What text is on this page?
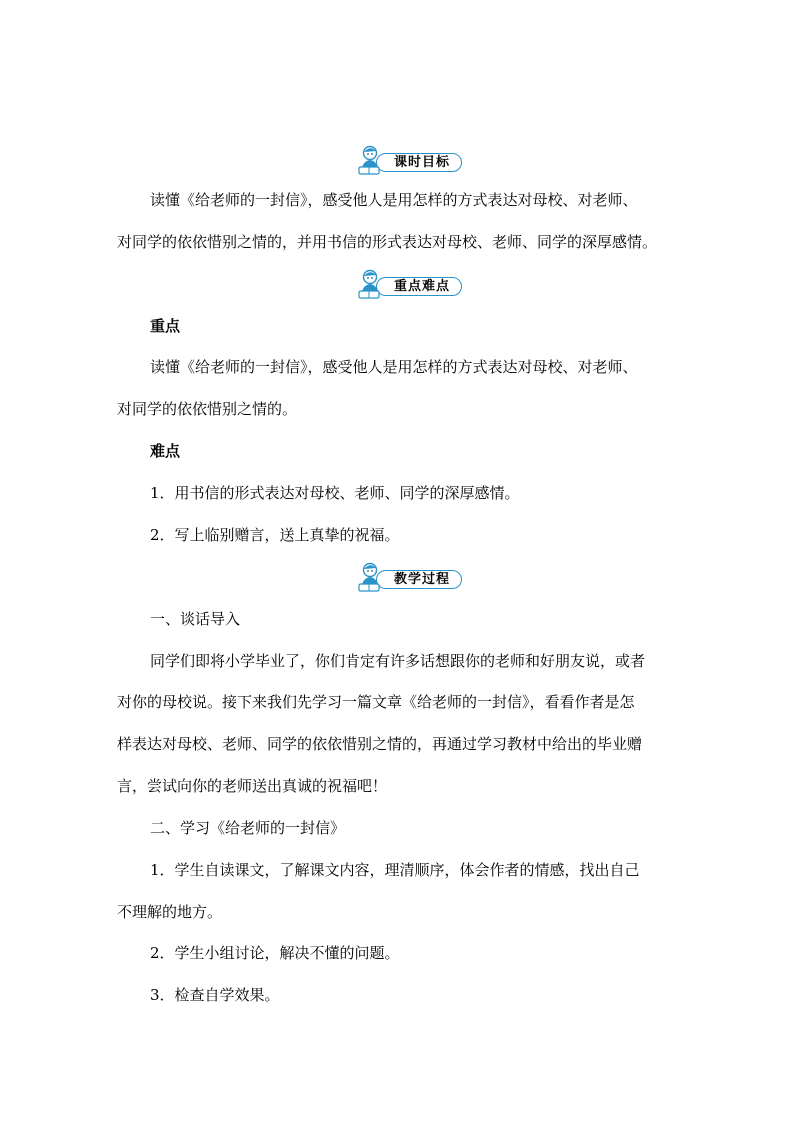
课时目标
读懂《给老师的一封信》，感受他人是用怎样的方式表达对母校、对老师、
对同学的依依惜别之情的，并用书信的形式表达对母校、老师、同学的深厚感情。
重点难点
重点
读懂《给老师的一封信》，感受他人是用怎样的方式表达对母校、对老师、
对同学的依依惜别之情的。
难点
1．用书信的形式表达对母校、老师、同学的深厚感情。
2．写上临别赠言，送上真挚的祝福。
教学过程
一、谈话导入
同学们即将小学毕业了，你们肯定有许多话想跟你的老师和好朋友说，或者
对你的母校说。接下来我们先学习一篇文章《给老师的一封信》，看看作者是怎
样表达对母校、老师、同学的依依惜别之情的，再通过学习教材中给出的毕业赠
言，尝试向你的老师送出真诚的祝福吧！
二、学习《给老师的一封信》
1．学生自读课文，了解课文内容，理清顺序，体会作者的情感，找出自己
不理解的地方。
2．学生小组讨论，解决不懂的问题。
3．检查自学效果。
